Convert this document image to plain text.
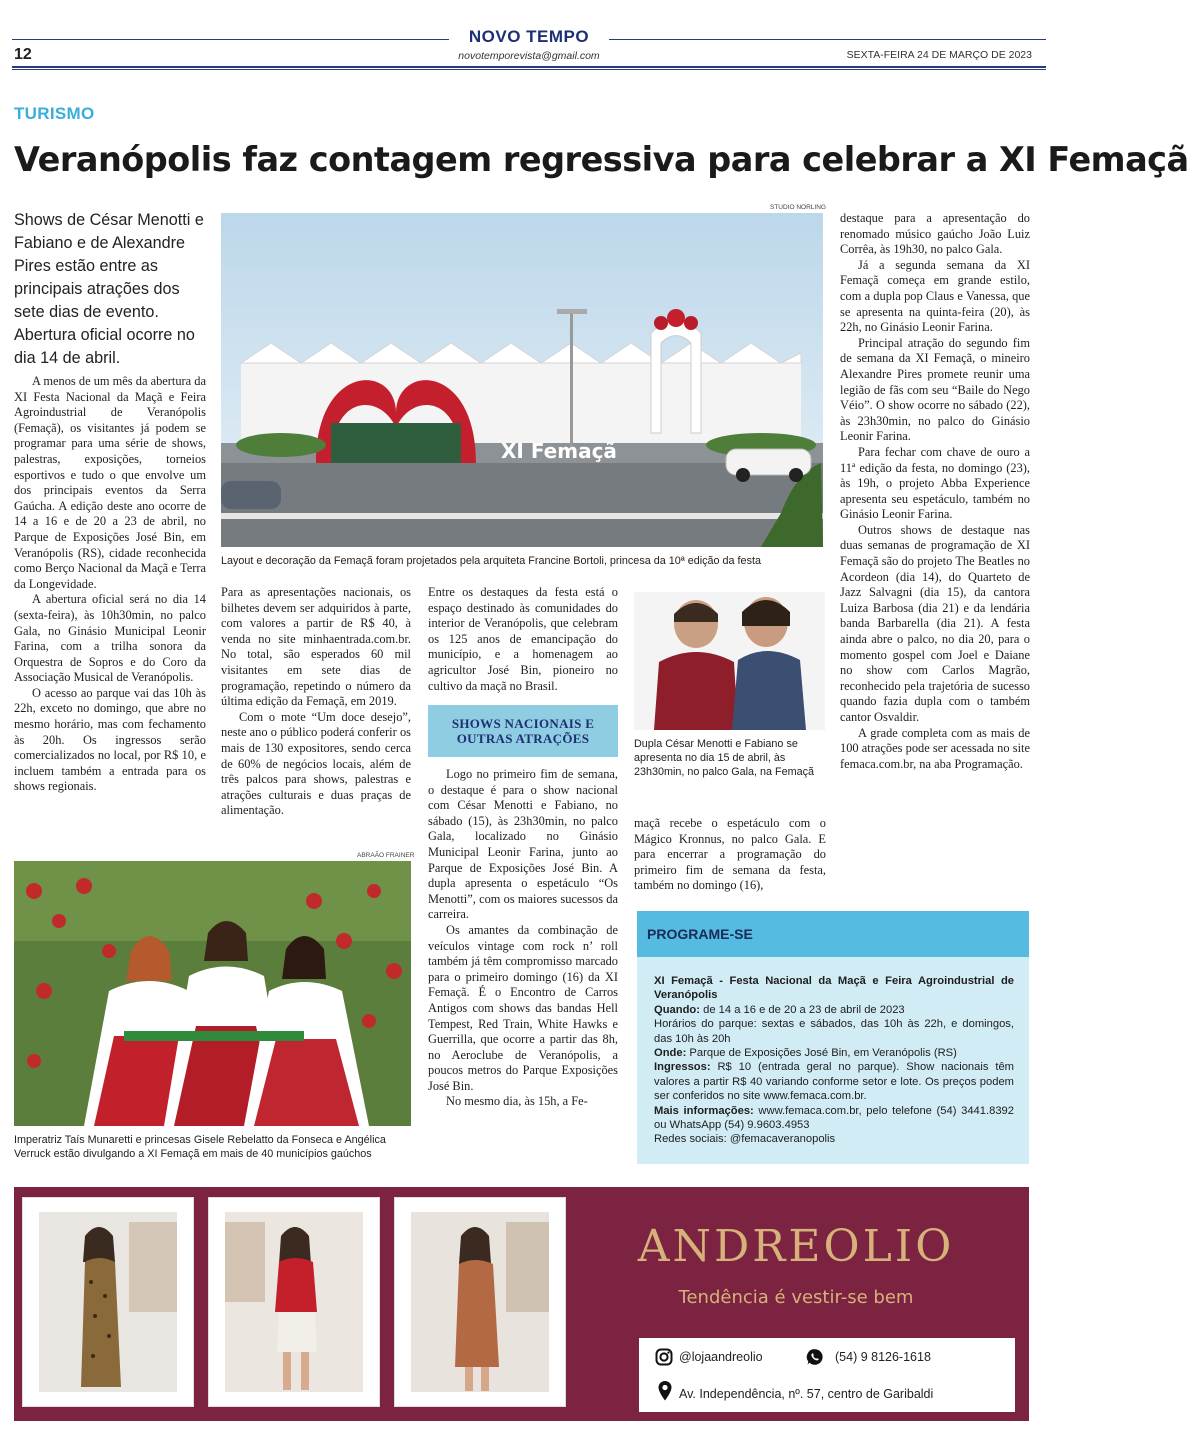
NOVO TEMPO
novotemporevista@gmail.com
12	SEXTA-FEIRA 24 DE MARÇO DE 2023
TURISMO
Veranópolis faz contagem regressiva para celebrar a XI Femaçã
Shows de César Menotti e Fabiano e de Alexandre Pires estão entre as principais atrações dos sete dias de evento. Abertura oficial ocorre no dia 14 de abril.
STUDIO NORLING
XI Femaçã
Layout e decoração da Femaçã foram projetados pela arquiteta Francine Bortoli, princesa da 10ª edição da festa

A menos de um mês da abertura da XI Festa Nacional da Maçã e Feira Agroindustrial de Veranópolis (Femaçã), os visitantes já podem se programar para uma série de shows, palestras, exposições, torneios esportivos e tudo o que envolve um dos principais eventos da Serra Gaúcha. A edição deste ano ocorre de 14 a 16 e de 20 a 23 de abril, no Parque de Exposições José Bin, em Veranópolis (RS), cidade reconhecida como Berço Nacional da Maçã e Terra da Longevidade.

A abertura oficial será no dia 14 (sexta-feira), às 10h30min, no palco Gala, no Ginásio Municipal Leonir Farina, com a trilha sonora da Orquestra de Sopros e do Coro da Associação Musical de Veranópolis.

O acesso ao parque vai das 10h às 22h, exceto no domingo, que abre no mesmo horário, mas com fechamento às 20h. Os ingressos serão comercializados no local, por R$ 10, e incluem também a entrada para os shows regionais.

Para as apresentações nacionais, os bilhetes devem ser adquiridos à parte, com valores a partir de R$ 40, à venda no site minhaentrada.com.br. No total, são esperados 60 mil visitantes em sete dias de programação, repetindo o número da última edição da Femaçã, em 2019.

Com o mote “Um doce desejo”, neste ano o público poderá conferir os mais de 130 expositores, sendo cerca de 60% de negócios locais, além de três palcos para shows, palestras e atrações culturais e duas praças de alimentação.

Entre os destaques da festa está o espaço destinado às comunidades do interior de Veranópolis, que celebram os 125 anos de emancipação do município, e a homenagem ao agricultor José Bin, pioneiro no cultivo da maçã no Brasil.

SHOWS NACIONAIS E OUTRAS ATRAÇÕES

Logo no primeiro fim de semana, o destaque é para o show nacional com César Menotti e Fabiano, no sábado (15), às 23h30min, no palco Gala, localizado no Ginásio Municipal Leonir Farina, junto ao Parque de Exposições José Bin. A dupla apresenta o espetáculo “Os Menotti”, com os maiores sucessos da carreira.

Os amantes da combinação de veículos vintage com rock n’ roll também já têm compromisso marcado para o primeiro domingo (16) da XI Femaçã. É o Encontro de Carros Antigos com shows das bandas Hell Tempest, Red Train, White Hawks e Guerrilla, que ocorre a partir das 8h, no Aeroclube de Veranópolis, a poucos metros do Parque Exposições José Bin.

No mesmo dia, às 15h, a Fe-

Dupla César Menotti e Fabiano se apresenta no dia 15 de abril, às 23h30min, no palco Gala, na Femaçã

maçã recebe o espetáculo com o Mágico Kronnus, no palco Gala. E para encerrar a programação do primeiro fim de semana da festa, também no domingo (16),

destaque para a apresentação do renomado músico gaúcho João Luiz Corrêa, às 19h30, no palco Gala.

Já a segunda semana da XI Femaçã começa em grande estilo, com a dupla pop Claus e Vanessa, que se apresenta na quinta-feira (20), às 22h, no Ginásio Leonir Farina.

Principal atração do segundo fim de semana da XI Femaçã, o mineiro Alexandre Pires promete reunir uma legião de fãs com seu “Baile do Nego Véio”. O show ocorre no sábado (22), às 23h30min, no palco do Ginásio Leonir Farina.

Para fechar com chave de ouro a 11ª edição da festa, no domingo (23), às 19h, o projeto Abba Experience apresenta seu espetáculo, também no Ginásio Leonir Farina.

Outros shows de destaque nas duas semanas de programação de XI Femaçã são do projeto The Beatles no Acordeon (dia 14), do Quarteto de Jazz Salvagni (dia 15), da cantora Luiza Barbosa (dia 21) e da lendária banda Barbarella (dia 21). A festa ainda abre o palco, no dia 20, para o momento gospel com Joel e Daiane no show com Carlos Magrão, reconhecido pela trajetória de sucesso quando fazia dupla com o também cantor Osvaldir.

A grade completa com as mais de 100 atrações pode ser acessada no site femaca.com.br, na aba Programação.

ABRAÃO FRAINER
Imperatriz Taís Munaretti e princesas Gisele Rebelatto da Fonseca e Angélica Verruck estão divulgando a XI Femaçã em mais de 40 municípios gaúchos
PROGRAME-SE
XI Femaçã - Festa Nacional da Maçã e Feira Agroindustrial de Veranópolis
Quando: de 14 a 16 e de 20 a 23 de abril de 2023
Horários do parque: sextas e sábados, das 10h às 22h, e domingos, das 10h às 20h
Onde: Parque de Exposições José Bin, em Veranópolis (RS)
Ingressos: R$ 10 (entrada geral no parque). Show nacionais têm valores a partir R$ 40 variando conforme setor e lote. Os preços podem ser conferidos no site www.femaca.com.br.
Mais informações: www.femaca.com.br, pelo telefone (54) 3441.8392 ou WhatsApp (54) 9.9603.4953
Redes sociais: @femacaveranopolis
ANDREOLIO
Tendência é vestir-se bem
@lojaandreolio	(54) 9 8126-1618
Av. Independência, nº. 57, centro de Garibaldi
